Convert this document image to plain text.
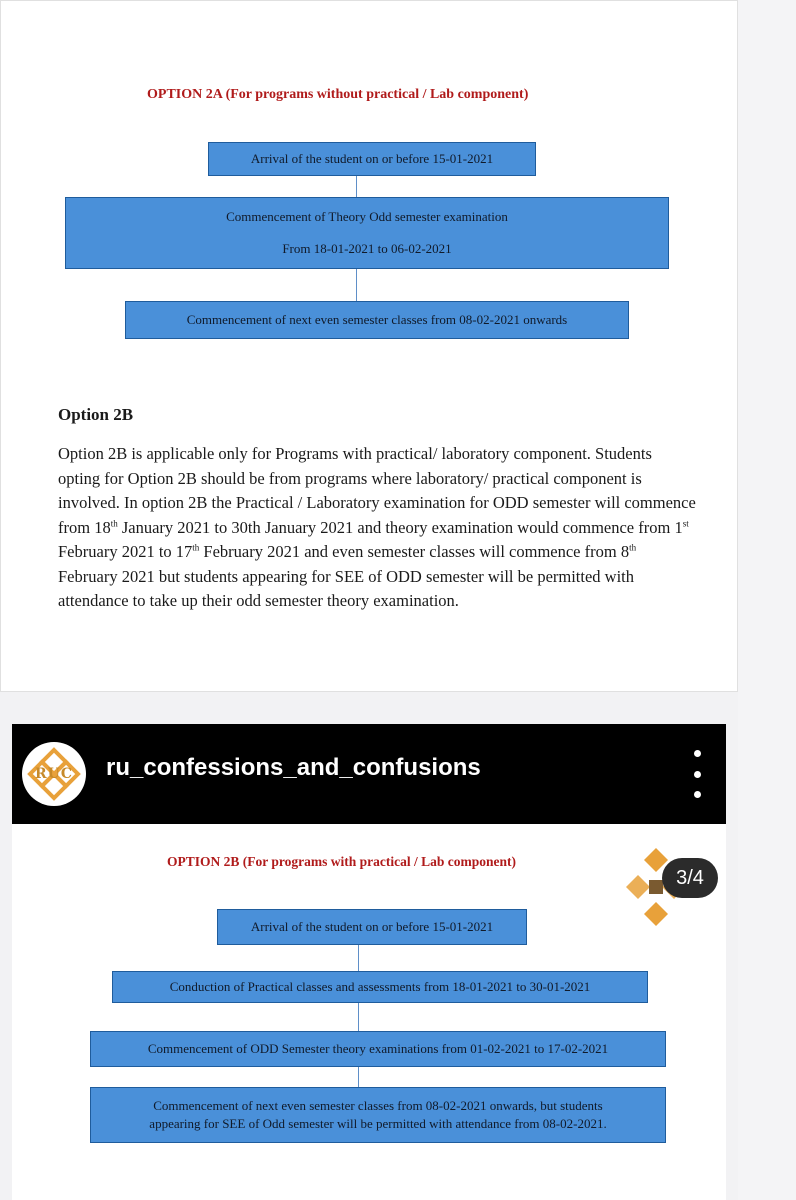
OPTION 2A (For programs without practical / Lab component)
Arrival of the student on or before 15-01-2021
Commencement of Theory Odd semester examination
From 18-01-2021 to 06-02-2021
Commencement of next even semester classes from 08-02-2021 onwards
Option 2B
Option 2B is applicable only for Programs with practical/ laboratory component. Students opting for Option 2B should be from programs where laboratory/ practical component is involved. In option 2B the Practical / Laboratory examination for ODD semester will commence from 18th January 2021 to 30th January 2021 and theory examination would commence from 1st February 2021 to 17th February 2021 and even semester classes will commence from 8th February 2021 but students appearing for SEE of ODD semester will be permitted with attendance to take up their odd semester theory examination.
RUC ru_confessions_and_confusions
3/4
OPTION 2B (For programs with practical / Lab component)
Arrival of the student on or before 15-01-2021
Conduction of Practical classes and assessments from 18-01-2021 to 30-01-2021
Commencement of ODD Semester theory examinations from 01-02-2021 to 17-02-2021
Commencement of next even semester classes from 08-02-2021 onwards, but students
appearing for SEE of Odd semester will be permitted with attendance from 08-02-2021.
